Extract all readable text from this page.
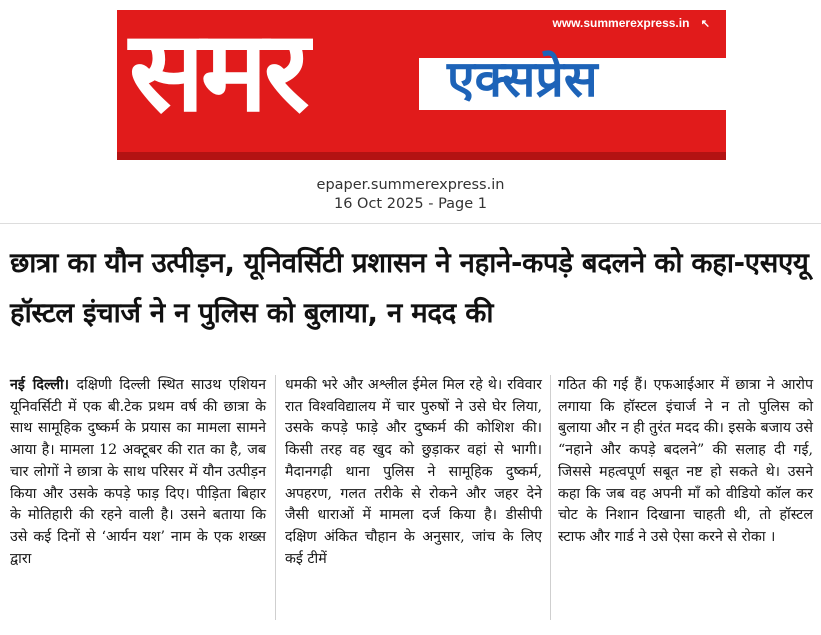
समर	एक्सप्रेस
www.summerexpress.in ↖
epaper.summerexpress.in
16 Oct 2025 - Page 1
छात्रा का यौन उत्पीड़न, यूनिवर्सिटी प्रशासन ने नहाने-कपड़े बदलने को कहा-एसएयू हॉस्टल इंचार्ज ने न पुलिस को बुलाया, न मदद की
नई दिल्ली। दक्षिणी दिल्ली स्थित साउथ एशियन यूनिवर्सिटी में एक बी.टेक प्रथम वर्ष की छात्रा के साथ सामूहिक दुष्कर्म के प्रयास का मामला सामने आया है। मामला 12 अक्टूबर की रात का है, जब चार लोगों ने छात्रा के साथ परिसर में यौन उत्पीड़न किया और उसके कपड़े फाड़ दिए। पीड़िता बिहार के मोतिहारी की रहने वाली है। उसने बताया कि उसे कई दिनों से ‘आर्यन यश’ नाम के एक शख्स द्वारा
धमकी भरे और अश्लील ईमेल मिल रहे थे। रविवार रात विश्वविद्यालय में चार पुरुषों ने उसे घेर लिया, उसके कपड़े फाड़े और दुष्कर्म की कोशिश की। किसी तरह वह खुद को छुड़ाकर वहां से भागी। मैदानगढ़ी थाना पुलिस ने सामूहिक दुष्कर्म, अपहरण, गलत तरीके से रोकने और जहर देने जैसी धाराओं में मामला दर्ज किया है। डीसीपी दक्षिण अंकित चौहान के अनुसार, जांच के लिए कई टीमें
गठित की गई हैं। एफआईआर में छात्रा ने आरोप लगाया कि हॉस्टल इंचार्ज ने न तो पुलिस को बुलाया और न ही तुरंत मदद की। इसके बजाय उसे “नहाने और कपड़े बदलने” की सलाह दी गई, जिससे महत्वपूर्ण सबूत नष्ट हो सकते थे। उसने कहा कि जब वह अपनी माँ को वीडियो कॉल कर चोट के निशान दिखाना चाहती थी, तो हॉस्टल स्टाफ और गार्ड ने उसे ऐसा करने से रोका ।
